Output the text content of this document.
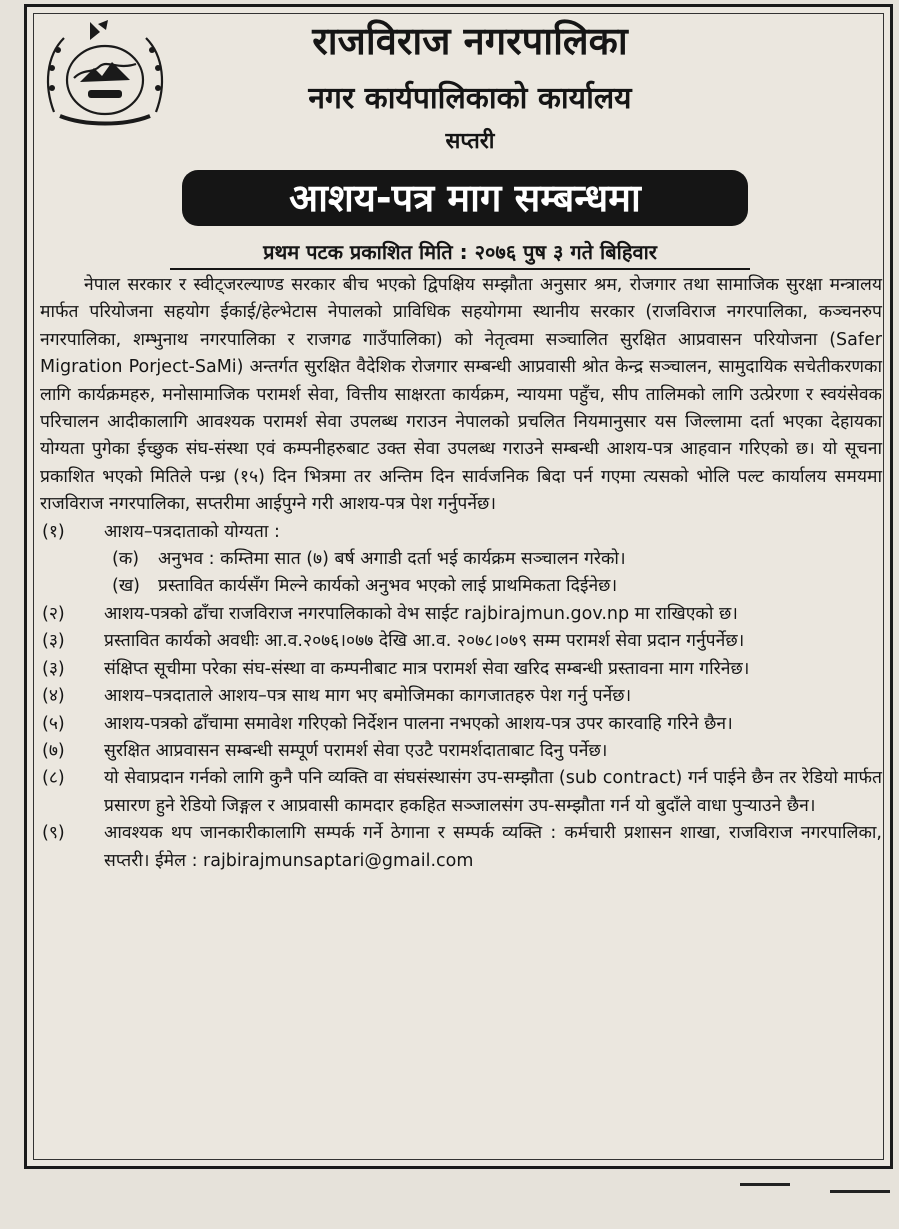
राजविराज नगरपालिका
नगर कार्यपालिकाको कार्यालय
सप्तरी
आशय-पत्र माग सम्बन्धमा
प्रथम पटक प्रकाशित मिति : २०७६ पुष ३ गते बिहिवार

नेपाल सरकार र स्वीट्जरल्याण्ड सरकार बीच भएको द्विपक्षिय सम्झौता अनुसार श्रम, रोजगार तथा सामाजिक सुरक्षा मन्त्रालय मार्फत परियोजना सहयोग ईकाई/हेल्भेटास नेपालको प्राविधिक सहयोगमा स्थानीय सरकार (राजविराज नगरपालिका, कञ्चनरुप नगरपालिका, शम्भुनाथ नगरपालिका र राजगढ गाउँपालिका) को नेतृत्वमा सञ्चालित सुरक्षित आप्रवासन परियोजना (Safer Migration Porject-SaMi) अन्तर्गत सुरक्षित वैदेशिक रोजगार सम्बन्धी आप्रवासी श्रोत केन्द्र सञ्चालन, सामुदायिक सचेतीकरणका लागि कार्यक्रमहरु, मनोसामाजिक परामर्श सेवा, वित्तीय साक्षरता कार्यक्रम, न्यायमा पहुँच, सीप तालिमको लागि उत्प्रेरणा र स्वयंसेवक परिचालन आदीकालागि आवश्यक परामर्श सेवा उपलब्ध गराउन नेपालको प्रचलित नियमानुसार यस जिल्लामा दर्ता भएका देहायका योग्यता पुगेका ईच्छुक संघ-संस्था एवं कम्पनीहरुबाट उक्त सेवा उपलब्ध गराउने सम्बन्धी आशय-पत्र आहवान गरिएको छ। यो सूचना प्रकाशित भएको मितिले पन्ध्र (१५) दिन भित्रमा तर अन्तिम दिन सार्वजनिक बिदा पर्न गएमा त्यसको भोलि पल्ट कार्यालय समयमा राजविराज नगरपालिका, सप्तरीमा आईपुग्ने गरी आशय-पत्र पेश गर्नुपर्नेछ।

(१) आशय–पत्रदाताको योग्यता :
(क) अनुभव : कम्तिमा सात (७) बर्ष अगाडी दर्ता भई कार्यक्रम सञ्चालन गरेको।
(ख) प्रस्तावित कार्यसँग मिल्ने कार्यको अनुभव भएको लाई प्राथमिकता दिईनेछ।
(२) आशय-पत्रको ढाँचा राजविराज नगरपालिकाको वेभ साईट rajbirajmun.gov.np मा राखिएको छ।
(३) प्रस्तावित कार्यको अवधीः आ.व.२०७६।०७७ देखि आ.व. २०७८।०७९ सम्म परामर्श सेवा प्रदान गर्नुपर्नेछ।
(३) संक्षिप्त सूचीमा परेका संघ-संस्था वा कम्पनीबाट मात्र परामर्श सेवा खरिद सम्बन्धी प्रस्तावना माग गरिनेछ।
(४) आशय–पत्रदाताले आशय–पत्र साथ माग भए बमोजिमका कागजातहरु पेश गर्नु पर्नेछ।
(५) आशय-पत्रको ढाँचामा समावेश गरिएको निर्देशन पालना नभएको आशय-पत्र उपर कारवाहि गरिने छैन।
(७) सुरक्षित आप्रवासन सम्बन्धी सम्पूर्ण परामर्श सेवा एउटै परामर्शदाताबाट दिनु पर्नेछ।
(८) यो सेवाप्रदान गर्नको लागि कुनै पनि व्यक्ति वा संघसंस्थासंग उप-सम्झौता (sub contract) गर्न पाईने छैन तर रेडियो मार्फत प्रसारण हुने रेडियो जिङ्गल र आप्रवासी कामदार हकहित सञ्जालसंग उप-सम्झौता गर्न यो बुदाँले वाधा पुर्‍याउने छैन।
(९) आवश्यक थप जानकारीकालागि सम्पर्क गर्ने ठेगाना र सम्पर्क व्यक्ति : कर्मचारी प्रशासन शाखा, राजविराज नगरपालिका, सप्तरी। ईमेल : rajbirajmunsaptari@gmail.com
